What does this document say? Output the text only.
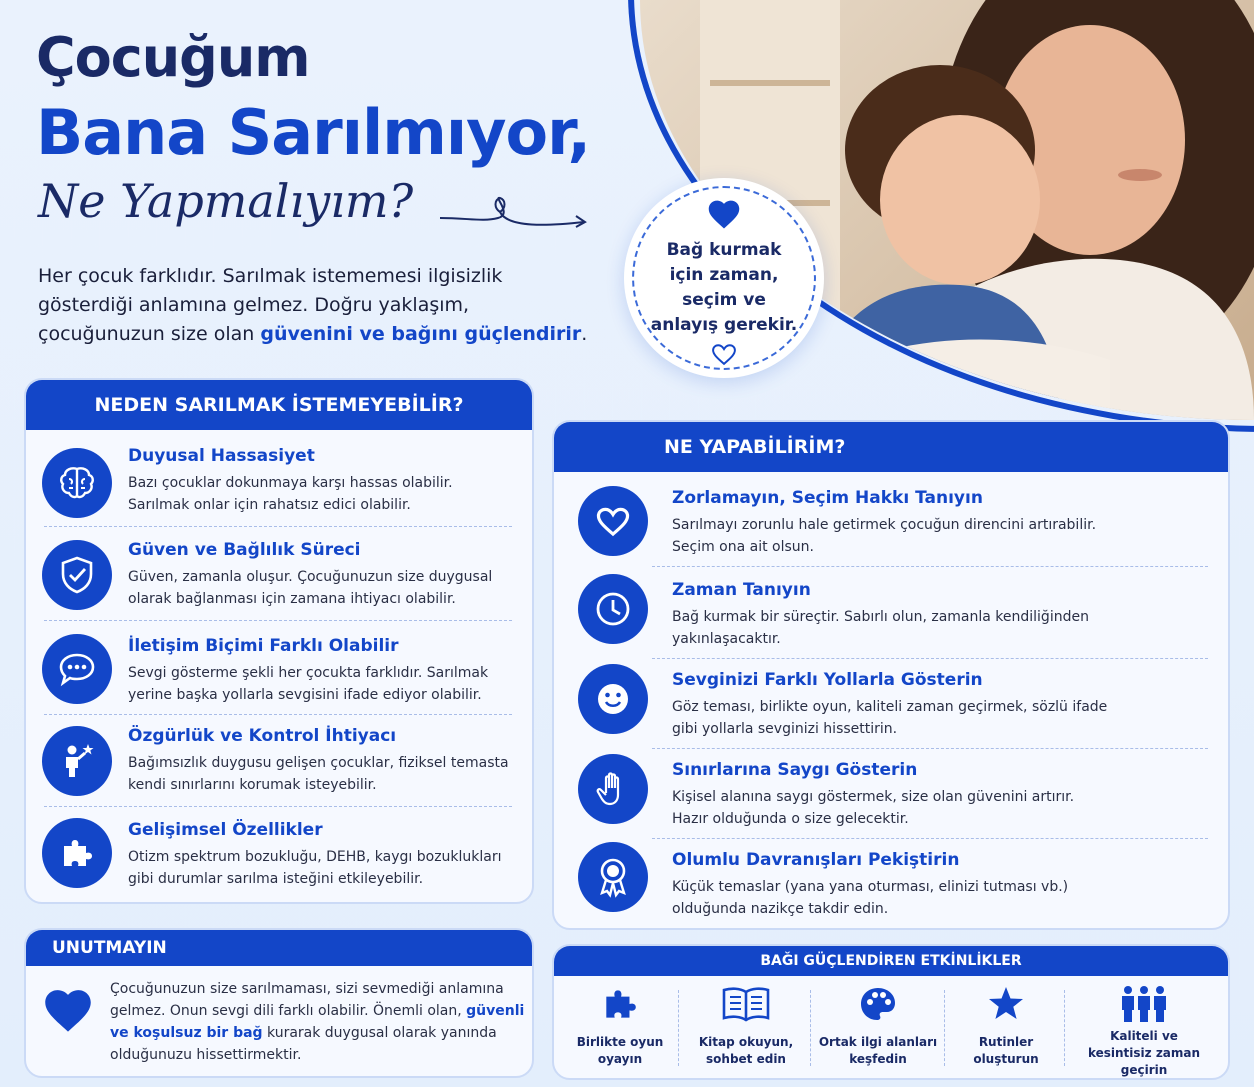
Çocuğum
Bana Sarılmıyor,
Ne Yapmalıyım?
Her çocuk farklıdır. Sarılmak istememesi ilgisizlik gösterdiği anlamına gelmez. Doğru yaklaşım, çocuğunuzun size olan güvenini ve bağını güçlendirir.
Bağ kurmak
için zaman,
seçim ve
anlayış gerekir.
NEDEN SARILMAK İSTEMEYEBİLİR?
Duyusal Hassasiyet
Bazı çocuklar dokunmaya karşı hassas olabilir.
Sarılmak onlar için rahatsız edici olabilir.
Güven ve Bağlılık Süreci
Güven, zamanla oluşur. Çocuğunuzun size duygusal
olarak bağlanması için zamana ihtiyacı olabilir.
İletişim Biçimi Farklı Olabilir
Sevgi gösterme şekli her çocukta farklıdır. Sarılmak
yerine başka yollarla sevgisini ifade ediyor olabilir.
Özgürlük ve Kontrol İhtiyacı
Bağımsızlık duygusu gelişen çocuklar, fiziksel temasta
kendi sınırlarını korumak isteyebilir.
Gelişimsel Özellikler
Otizm spektrum bozukluğu, DEHB, kaygı bozuklukları
gibi durumlar sarılma isteğini etkileyebilir.
NE YAPABİLİRİM?
Zorlamayın, Seçim Hakkı Tanıyın
Sarılmayı zorunlu hale getirmek çocuğun direncini artırabilir.
Seçim ona ait olsun.
Zaman Tanıyın
Bağ kurmak bir süreçtir. Sabırlı olun, zamanla kendiliğinden
yakınlaşacaktır.
Sevginizi Farklı Yollarla Gösterin
Göz teması, birlikte oyun, kaliteli zaman geçirmek, sözlü ifade
gibi yollarla sevginizi hissettirin.
Sınırlarına Saygı Gösterin
Kişisel alanına saygı göstermek, size olan güvenini artırır.
Hazır olduğunda o size gelecektir.
Olumlu Davranışları Pekiştirin
Küçük temaslar (yana yana oturması, elinizi tutması vb.)
olduğunda nazikçe takdir edin.
UNUTMAYIN
Çocuğunuzun size sarılmaması, sizi sevmediği anlamına gelmez. Onun sevgi dili farklı olabilir. Önemli olan, güvenli ve koşulsuz bir bağ kurarak duygusal olarak yanında olduğunuzu hissettirmektir.
BAĞI GÜÇLENDİREN ETKİNLİKLER
Birlikte oyun
oyayın
Kitap okuyun,
sohbet edin
Ortak ilgi alanları
keşfedin
Rutinler
oluşturun
Kaliteli ve
kesintisiz zaman
geçirin
